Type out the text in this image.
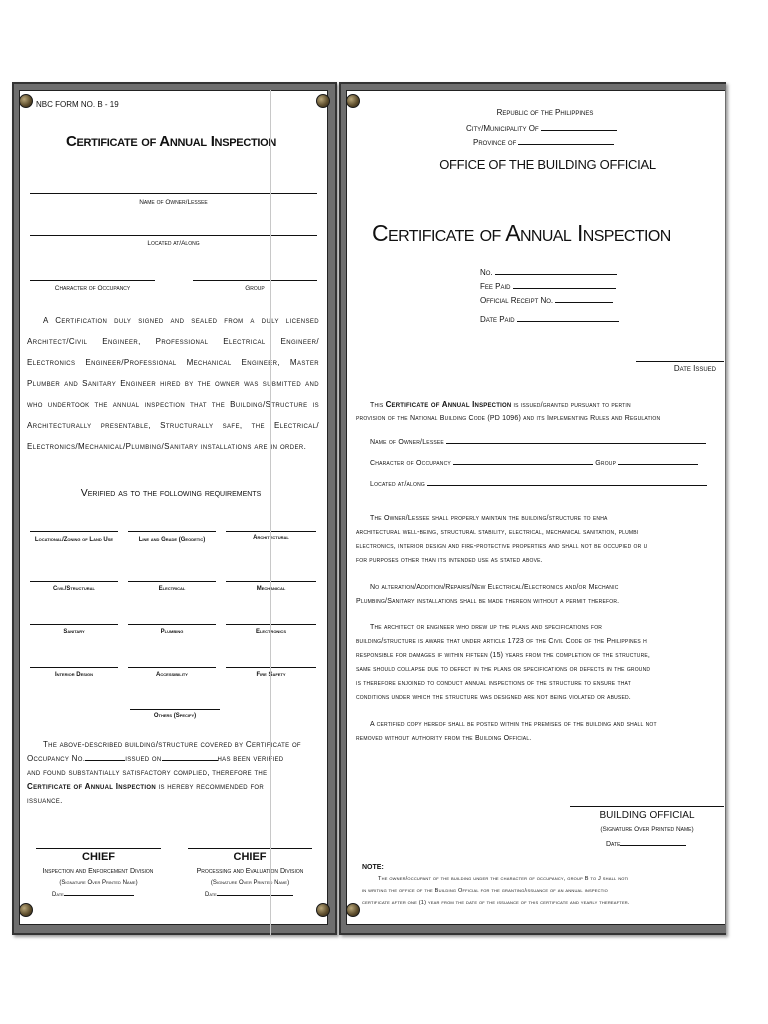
NBC FORM NO. B - 19
Certificate of Annual Inspection
Name of Owner/Lessee
Located at/Along
Character of Occupancy	Group
A Certification duly signed and sealed from a duly licensed Architect/Civil Engineer, Professional Electrical Engineer/ Electronics Engineer/Professional Mechanical Engineer, Master Plumber and Sanitary Engineer hired by the owner was submitted and who undertook the annual inspection that the Building/Structure is Architecturally presentable, Structurally safe, the Electrical/ Electronics/Mechanical/Plumbing/Sanitary installations are in order.
Verified as to the following requirements
Locational/Zoning of Land Use	Line and Grade (Geodetic)	Architectural
Civil/Structural	Electrical	Mechanical
Sanitary	Plumbing	Electronics
Interior Design	Accessibility	Fire Safety
Others (Specify)
The above-described building/structure covered by Certificate of
Occupancy No.	issued on	has been verified
and found substantially satisfactory complied, therefore the
Certificate of Annual Inspection is hereby recommended for
issuance.
CHIEF
Inspection and Enforcement Division
(Signature Over Printed Name)
Date
CHIEF
Processing and Evaluation Division
(Signature Over Printed Name)
Date
Republic of the Philippines
City/Municipality Of
Province of
OFFICE OF THE BUILDING OFFICIAL
Certificate of Annual Inspection
No.
Fee Paid
Official Receipt No.
Date Paid
Date Issued
This Certificate of Annual Inspection is issued/granted pursuant to pertin
provision of the National Building Code (PD 1096) and its Implementing Rules and Regulation
Name of Owner/Lessee
Character of Occupancy	Group
Located at/along
The Owner/Lessee shall properly maintain the building/structure to enha
architectural well-being, structural stability, electrical, mechanical sanitation, plumbi
electronics, interior design and fire-protective properties and shall not be occupied or u
for purposes other than its intended use as stated above.
No alteration/Addition/Repairs/New Electrical/Electronics and/or Mechanic
Plumbing/Sanitary installations shall be made thereon without a permit therefor.
The architect or engineer who drew up the plans and specifications for
building/structure is aware that under article 1723 of the Civil Code of the Philippines h
responsible for damages if within fifteen (15) years from the completion of the structure,
same should collapse due to defect in the plans or specifications or defects in the ground
is therefore enjoined to conduct annual inspections of the structure to ensure that
conditions under which the structure was designed are not being violated or abused.
A certified copy hereof shall be posted within the premises of the building and shall not
removed without authority from the Building Official.
BUILDING OFFICIAL
(Signature Over Printed Name)
Date
NOTE:
The owner/occupant of the building under the character of occupancy, group B to J shall noti
in writing the office of the Building Official for the granting/issuance of an annual inspectio
certificate after one (1) year from the date of the issuance of this certificate and yearly thereafter.
